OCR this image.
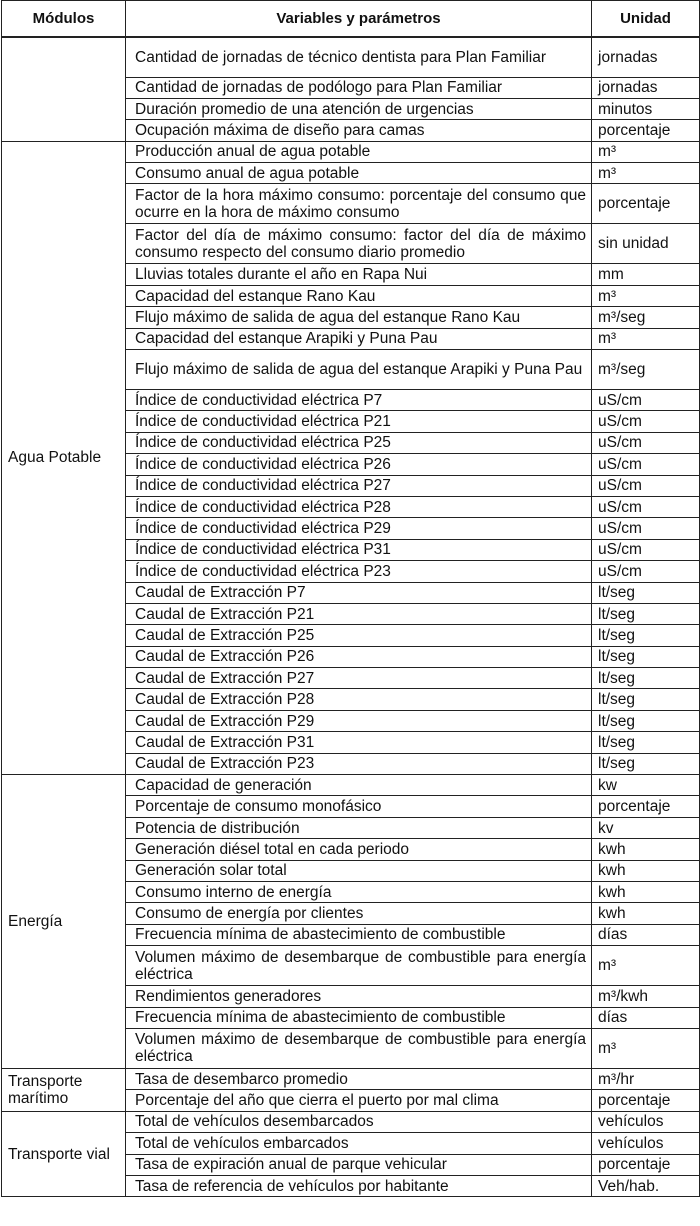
Módulos	Variables y parámetros	Unidad
	Cantidad de jornadas de técnico dentista para Plan Familiar	jornadas
	Cantidad de jornadas de podólogo para Plan Familiar	jornadas
	Duración promedio de una atención de urgencias	minutos
	Ocupación máxima de diseño para camas	porcentaje
Agua Potable	Producción anual de agua potable	m³
	Consumo anual de agua potable	m³
	Factor de la hora máximo consumo: porcentaje del consumo que ocurre en la hora de máximo consumo	porcentaje
	Factor del día de máximo consumo: factor del día de máximo consumo respecto del consumo diario promedio	sin unidad
	Lluvias totales durante el año en Rapa Nui	mm
	Capacidad del estanque Rano Kau	m³
	Flujo máximo de salida de agua del estanque Rano Kau	m³/seg
	Capacidad del estanque Arapiki y Puna Pau	m³
	Flujo máximo de salida de agua del estanque Arapiki y Puna Pau	m³/seg
	Índice de conductividad eléctrica P7	uS/cm
	Índice de conductividad eléctrica P21	uS/cm
	Índice de conductividad eléctrica P25	uS/cm
	Índice de conductividad eléctrica P26	uS/cm
	Índice de conductividad eléctrica P27	uS/cm
	Índice de conductividad eléctrica P28	uS/cm
	Índice de conductividad eléctrica P29	uS/cm
	Índice de conductividad eléctrica P31	uS/cm
	Índice de conductividad eléctrica P23	uS/cm
	Caudal de Extracción P7	lt/seg
	Caudal de Extracción P21	lt/seg
	Caudal de Extracción P25	lt/seg
	Caudal de Extracción P26	lt/seg
	Caudal de Extracción P27	lt/seg
	Caudal de Extracción P28	lt/seg
	Caudal de Extracción P29	lt/seg
	Caudal de Extracción P31	lt/seg
	Caudal de Extracción P23	lt/seg
Energía	Capacidad de generación	kw
	Porcentaje de consumo monofásico	porcentaje
	Potencia de distribución	kv
	Generación diésel total en cada periodo	kwh
	Generación solar total	kwh
	Consumo interno de energía	kwh
	Consumo de energía por clientes	kwh
	Frecuencia mínima de abastecimiento de combustible	días
	Volumen máximo de desembarque de combustible para energía eléctrica	m³
	Rendimientos generadores	m³/kwh
	Frecuencia mínima de abastecimiento de combustible	días
	Volumen máximo de desembarque de combustible para energía eléctrica	m³
Transporte marítimo	Tasa de desembarco promedio	m³/hr
	Porcentaje del año que cierra el puerto por mal clima	porcentaje
Transporte vial	Total de vehículos desembarcados	vehículos
	Total de vehículos embarcados	vehículos
	Tasa de expiración anual de parque vehicular	porcentaje
	Tasa de referencia de vehículos por habitante	Veh/hab.
